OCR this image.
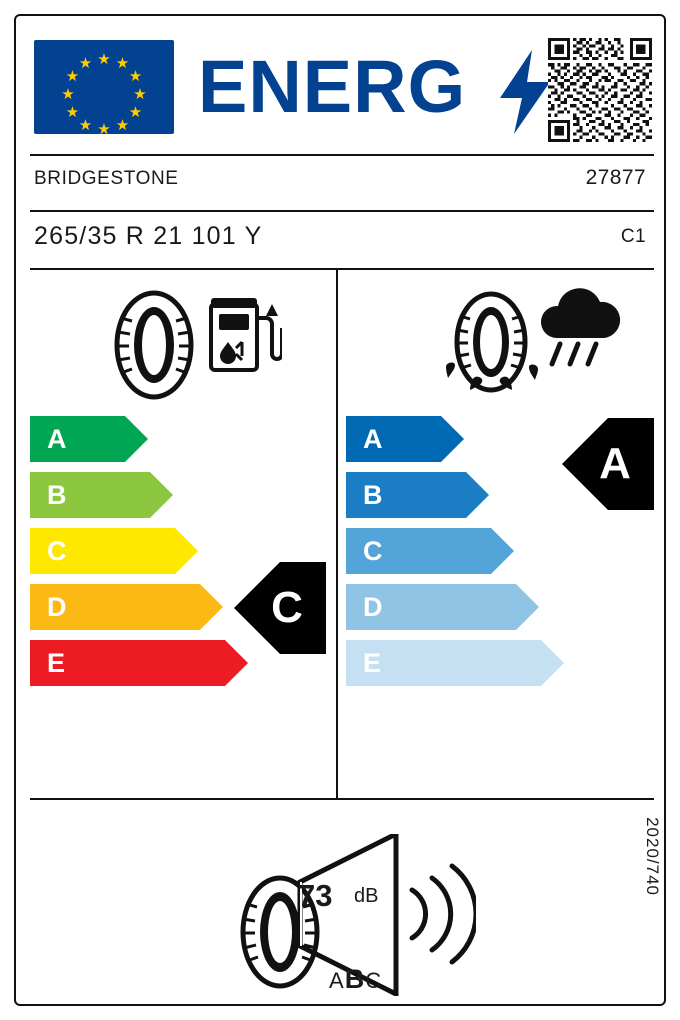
★ ★
★
★
★
★
★
★
★
★
★
★ ENERG
BRIDGESTONE	27877
265/35 R 21 101 Y	C1
A
B
C
D
E
C
A
B
C
D
E
A
73 dB
ABC
2020/740
